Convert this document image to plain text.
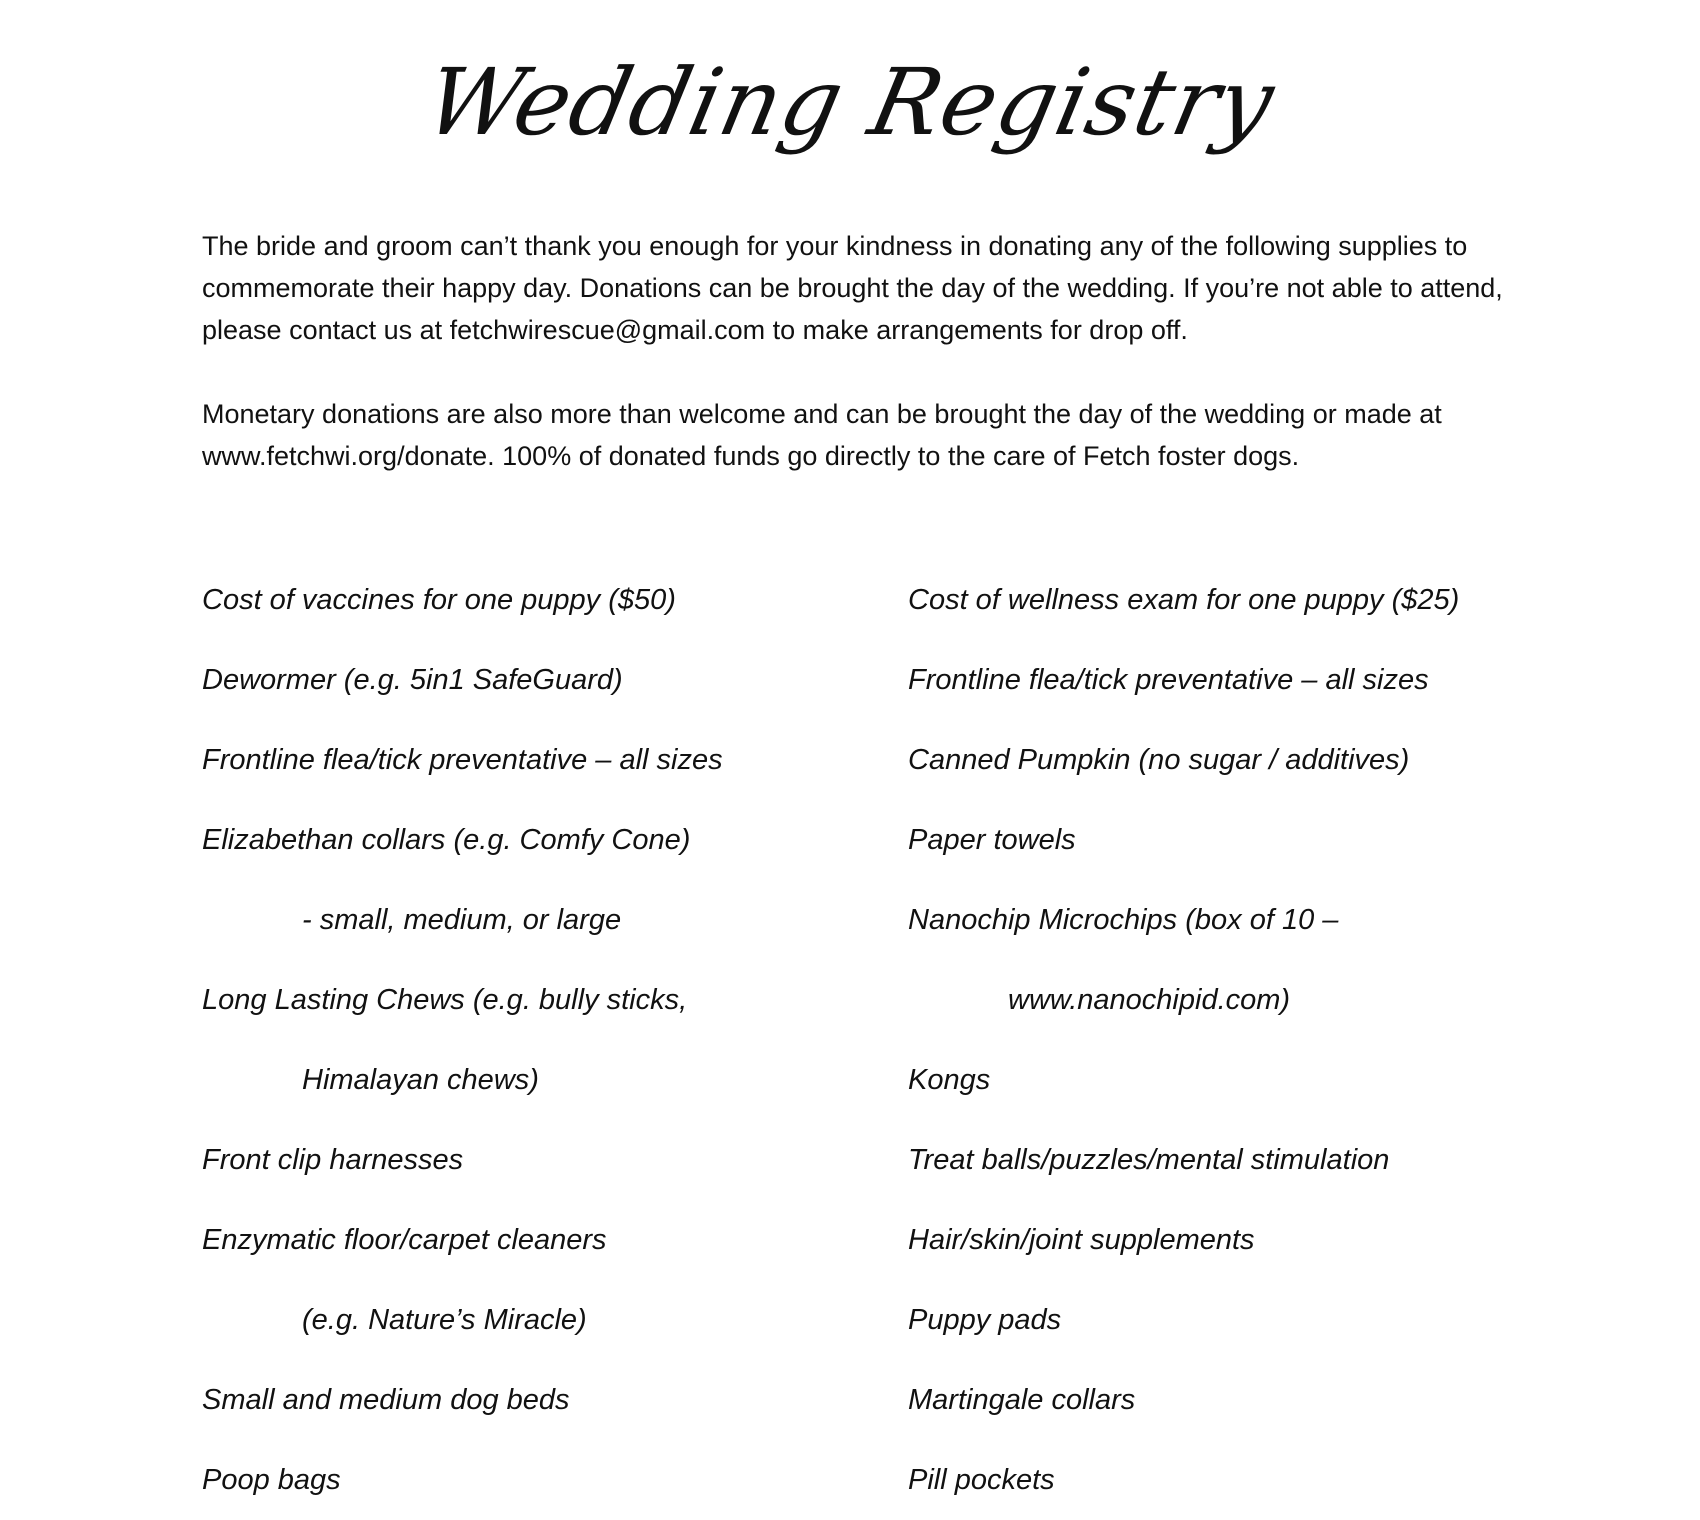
Wedding Registry

The bride and groom can’t thank you enough for your kindness in donating any of the following supplies to commemorate their happy day. Donations can be brought the day of the wedding. If you’re not able to attend, please contact us at fetchwirescue@gmail.com to make arrangements for drop off.

Monetary donations are also more than welcome and can be brought the day of the wedding or made at www.fetchwi.org/donate. 100% of donated funds go directly to the care of Fetch foster dogs.

Cost of vaccines for one puppy ($50)
Dewormer (e.g. 5in1 SafeGuard)
Frontline flea/tick preventative – all sizes
Elizabethan collars (e.g. Comfy Cone)
- small, medium, or large
Long Lasting Chews (e.g. bully sticks,
Himalayan chews)
Front clip harnesses
Enzymatic floor/carpet cleaners
(e.g. Nature’s Miracle)
Small and medium dog beds
Poop bags
Cost of wellness exam for one puppy ($25)
Frontline flea/tick preventative – all sizes
Canned Pumpkin (no sugar / additives)
Paper towels
Nanochip Microchips (box of 10 –
www.nanochipid.com)
Kongs
Treat balls/puzzles/mental stimulation
Hair/skin/joint supplements
Puppy pads
Martingale collars
Pill pockets
